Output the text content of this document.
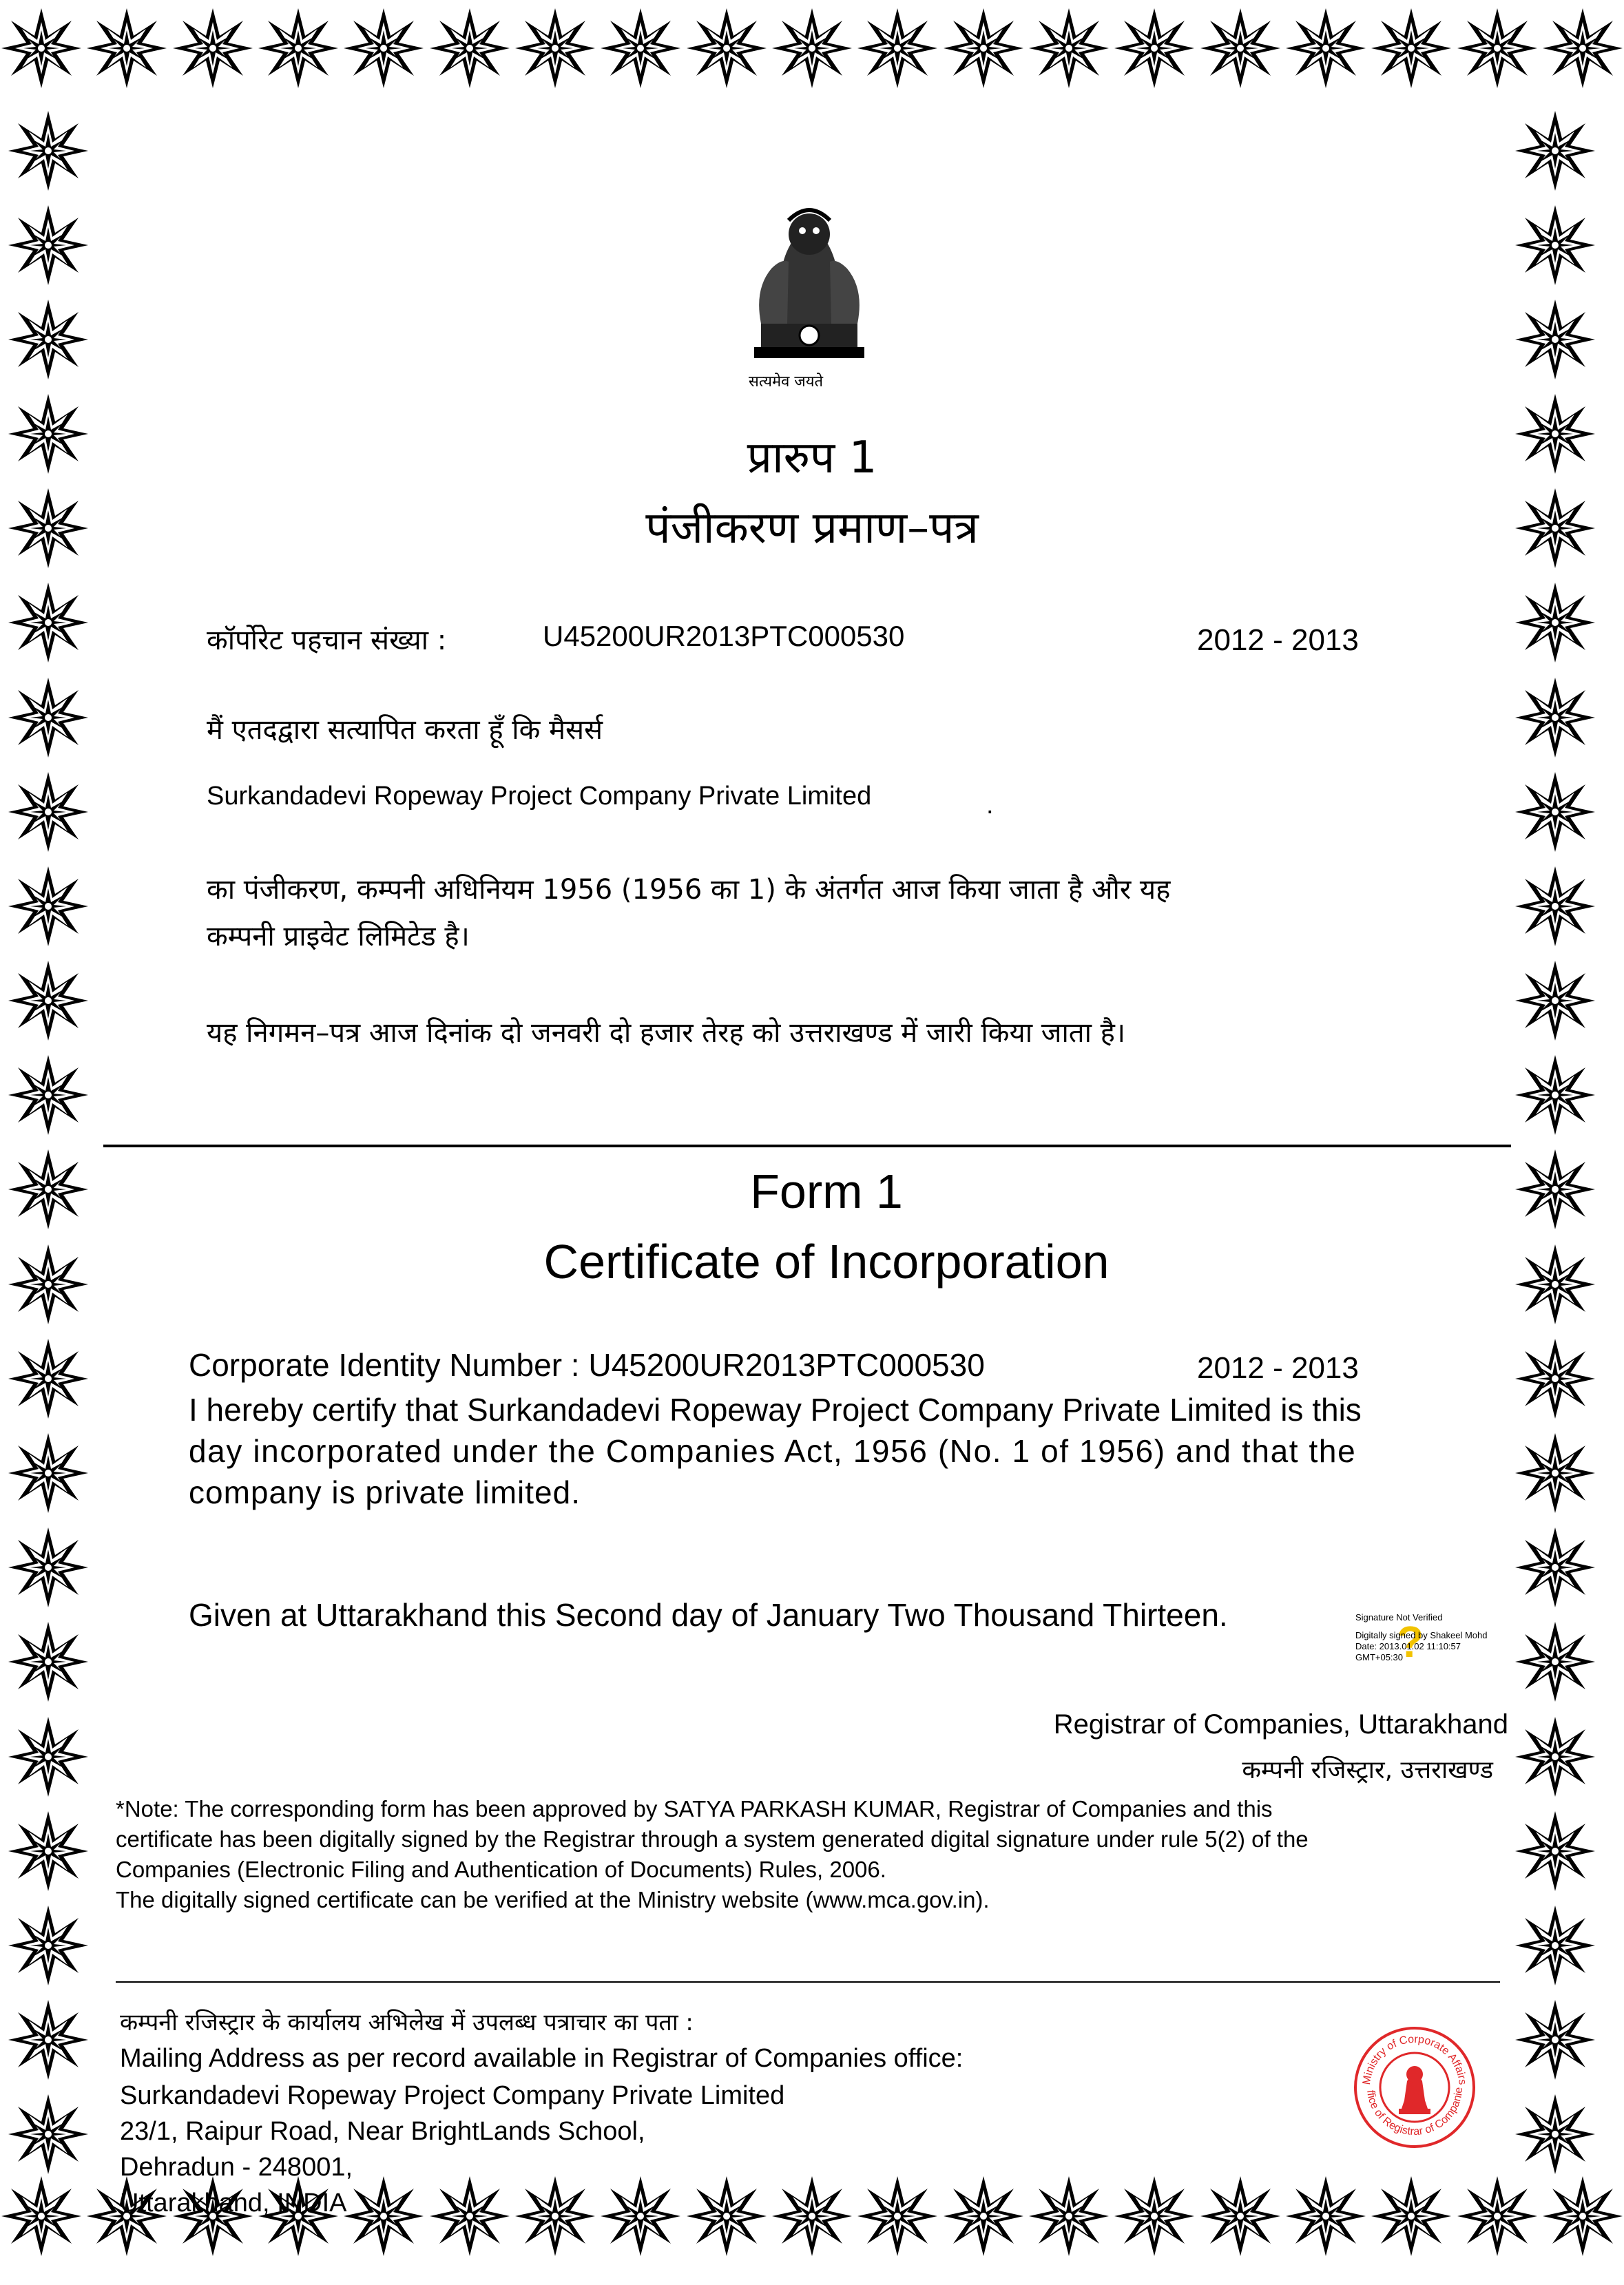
सत्यमेव जयते
प्रारुप 1
पंजीकरण प्रमाण–पत्र
कॉर्पोरेट पहचान संख्या :	U45200UR2013PTC000530	2012 - 2013
मैं एतदद्वारा सत्यापित करता हूँ कि मैसर्स
Surkandadevi Ropeway Project Company Private Limited	.
का पंजीकरण, कम्पनी अधिनियम 1956 (1956 का 1) के अंतर्गत आज किया जाता है और यह
कम्पनी प्राइवेट लिमिटेड है।
यह निगमन–पत्र आज दिनांक दो जनवरी दो हजार तेरह को उत्तराखण्ड में जारी किया जाता है।
Form 1
Certificate of Incorporation
Corporate Identity Number : U45200UR2013PTC000530	2012 - 2013
I hereby certify that Surkandadevi Ropeway Project Company Private Limited is this
day incorporated under the Companies Act, 1956 (No. 1 of 1956) and that the
company is private limited.
Given at Uttarakhand this Second day of January Two Thousand Thirteen.
?
Signature Not Verified
Digitally signed by Shakeel Mohd
Date: 2013.01.02 11:10:57
GMT+05:30
Registrar of Companies, Uttarakhand
कम्पनी रजिस्ट्रार, उत्तराखण्ड
*Note: The corresponding form has been approved by SATYA PARKASH KUMAR, Registrar of Companies and this
certificate has been digitally signed by the Registrar through a system generated digital signature under rule 5(2) of the
Companies (Electronic Filing and Authentication of Documents) Rules, 2006.
The digitally signed certificate can be verified at the Ministry website (www.mca.gov.in).
कम्पनी रजिस्ट्रार के कार्यालय अभिलेख में उपलब्ध पत्राचार का पता :
Mailing Address as per record available in Registrar of Companies office:
Surkandadevi Ropeway Project Company Private Limited
23/1, Raipur Road, Near BrightLands School,
Dehradun - 248001,
Uttarakhand, INDIA
Ministry of Corporate Affairs
ffice of Registrar of Companie
